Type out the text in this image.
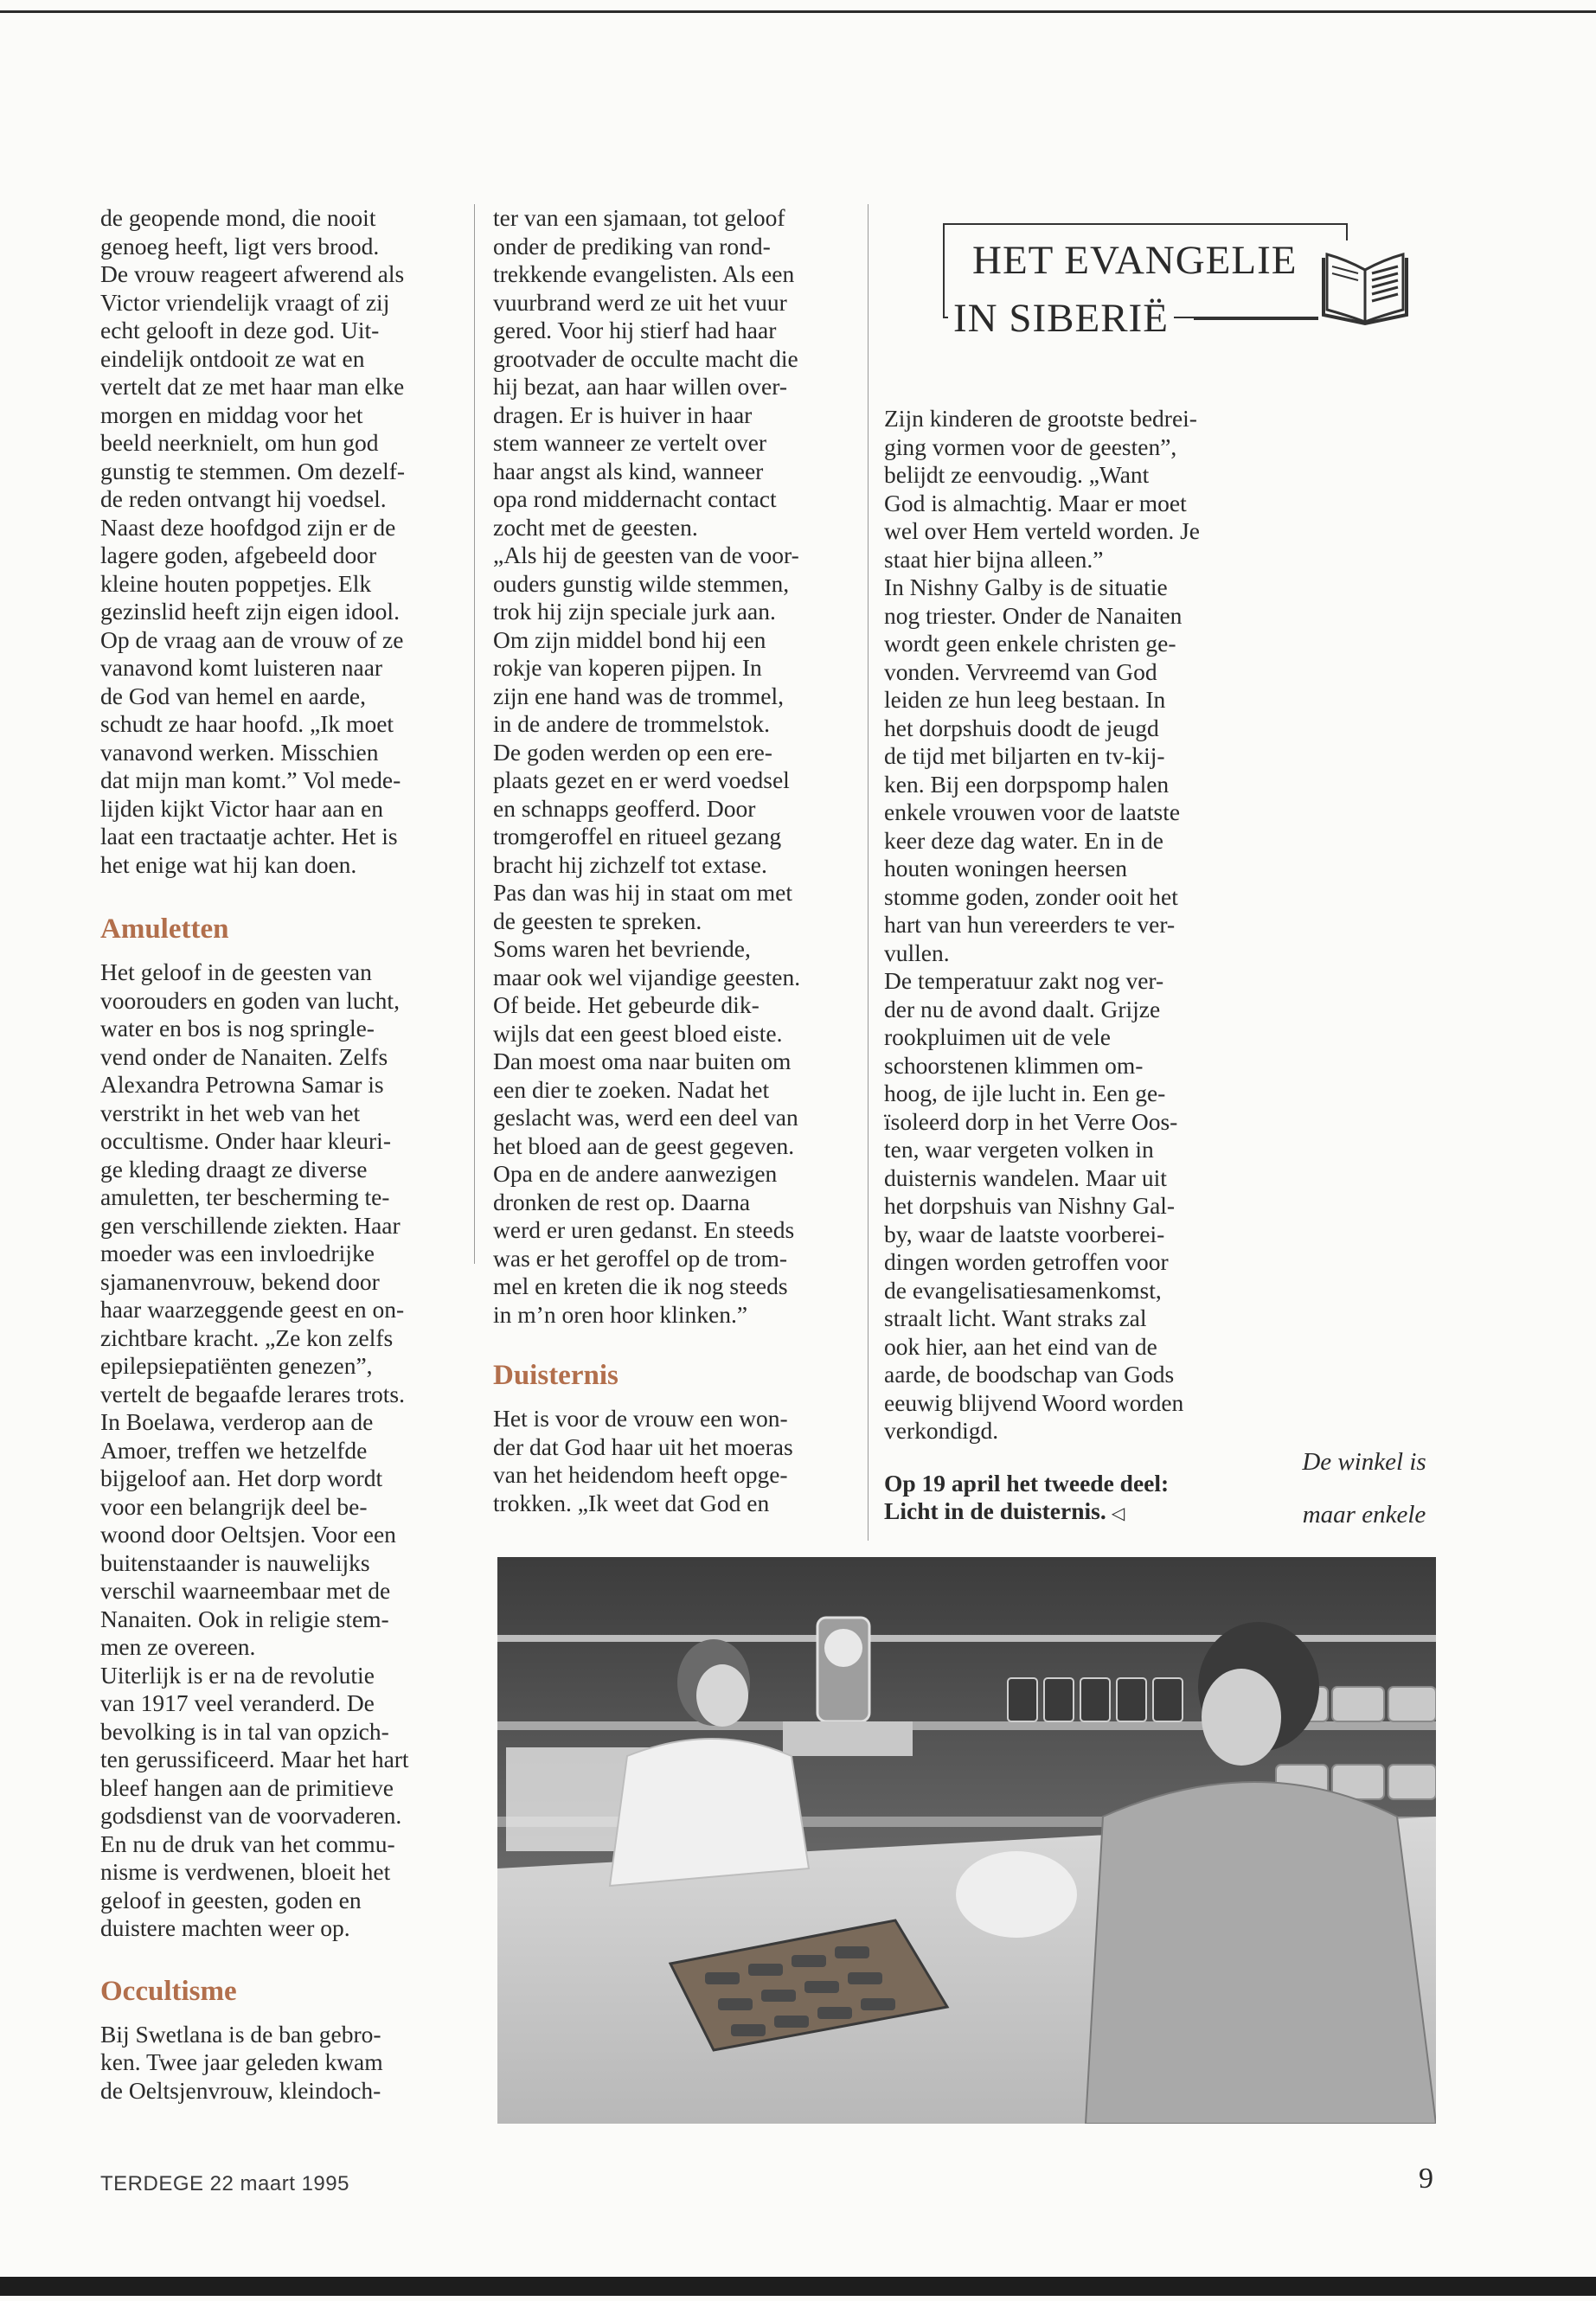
de geopende mond, die nooit

genoeg heeft, ligt vers brood.

De vrouw reageert afwerend als

Victor vriendelijk vraagt of zij

echt gelooft in deze god. Uit-

eindelijk ontdooit ze wat en

vertelt dat ze met haar man elke

morgen en middag voor het

beeld neerknielt, om hun god

gunstig te stemmen. Om dezelf-

de reden ontvangt hij voedsel.

Naast deze hoofdgod zijn er de

lagere goden, afgebeeld door

kleine houten poppetjes. Elk

gezinslid heeft zijn eigen idool.

Op de vraag aan de vrouw of ze

vanavond komt luisteren naar

de God van hemel en aarde,

schudt ze haar hoofd. „Ik moet

vanavond werken. Misschien

dat mijn man komt.” Vol mede-

lijden kijkt Victor haar aan en

laat een tractaatje achter. Het is

het enige wat hij kan doen.

Amuletten

Het geloof in de geesten van

voorouders en goden van lucht,

water en bos is nog springle-

vend onder de Nanaiten. Zelfs

Alexandra Petrowna Samar is

verstrikt in het web van het

occultisme. Onder haar kleuri-

ge kleding draagt ze diverse

amuletten, ter bescherming te-

gen verschillende ziekten. Haar

moeder was een invloedrijke

sjamanenvrouw, bekend door

haar waarzeggende geest en on-

zichtbare kracht. „Ze kon zelfs

epilepsiepatiënten genezen”,

vertelt de begaafde lerares trots.

In Boelawa, verderop aan de

Amoer, treffen we hetzelfde

bijgeloof aan. Het dorp wordt

voor een belangrijk deel be-

woond door Oeltsjen. Voor een

buitenstaander is nauwelijks

verschil waarneembaar met de

Nanaiten. Ook in religie stem-

men ze overeen.

Uiterlijk is er na de revolutie

van 1917 veel veranderd. De

bevolking is in tal van opzich-

ten gerussificeerd. Maar het hart

bleef hangen aan de primitieve

godsdienst van de voorvaderen.

En nu de druk van het commu-

nisme is verdwenen, bloeit het

geloof in geesten, goden en

duistere machten weer op.

Occultisme

Bij Swetlana is de ban gebro-

ken. Twee jaar geleden kwam

de Oeltsjenvrouw, kleindoch-

ter van een sjamaan, tot geloof

onder de prediking van rond-

trekkende evangelisten. Als een

vuurbrand werd ze uit het vuur

gered. Voor hij stierf had haar

grootvader de occulte macht die

hij bezat, aan haar willen over-

dragen. Er is huiver in haar

stem wanneer ze vertelt over

haar angst als kind, wanneer

opa rond middernacht contact

zocht met de geesten.

„Als hij de geesten van de voor-

ouders gunstig wilde stemmen,

trok hij zijn speciale jurk aan.

Om zijn middel bond hij een

rokje van koperen pijpen. In

zijn ene hand was de trommel,

in de andere de trommelstok.

De goden werden op een ere-

plaats gezet en er werd voedsel

en schnapps geofferd. Door

tromgeroffel en ritueel gezang

bracht hij zichzelf tot extase.

Pas dan was hij in staat om met

de geesten te spreken.

Soms waren het bevriende,

maar ook wel vijandige geesten.

Of beide. Het gebeurde dik-

wijls dat een geest bloed eiste.

Dan moest oma naar buiten om

een dier te zoeken. Nadat het

geslacht was, werd een deel van

het bloed aan de geest gegeven.

Opa en de andere aanwezigen

dronken de rest op. Daarna

werd er uren gedanst. En steeds

was er het geroffel op de trom-

mel en kreten die ik nog steeds

in m’n oren hoor klinken.”

Duisternis

Het is voor de vrouw een won-

der dat God haar uit het moeras

van het heidendom heeft opge-

trokken. „Ik weet dat God en

HET EVANGELIE
IN SIBERIË

Zijn kinderen de grootste bedrei-

ging vormen voor de geesten”,

belijdt ze eenvoudig. „Want

God is almachtig. Maar er moet

wel over Hem verteld worden. Je

staat hier bijna alleen.”

In Nishny Galby is de situatie

nog triester. Onder de Nanaiten

wordt geen enkele christen ge-

vonden. Vervreemd van God

leiden ze hun leeg bestaan. In

het dorpshuis doodt de jeugd

de tijd met biljarten en tv-kij-

ken. Bij een dorpspomp halen

enkele vrouwen voor de laatste

keer deze dag water. En in de

houten woningen heersen

stomme goden, zonder ooit het

hart van hun vereerders te ver-

vullen.

De temperatuur zakt nog ver-

der nu de avond daalt. Grijze

rookpluimen uit de vele

schoorstenen klimmen om-

hoog, de ijle lucht in. Een ge-

ïsoleerd dorp in het Verre Oos-

ten, waar vergeten volken in

duisternis wandelen. Maar uit

het dorpshuis van Nishny Gal-

by, waar de laatste voorberei-

dingen worden getroffen voor

de evangelisatiesamenkomst,

straalt licht. Want straks zal

ook hier, aan het eind van de

aarde, de boodschap van Gods

eeuwig blijvend Woord worden

verkondigd.

Op 19 april het tweede deel:

Licht in de duisternis. ◁

De winkel is

maar enkele

TERDEGE 22 maart 1995	9
